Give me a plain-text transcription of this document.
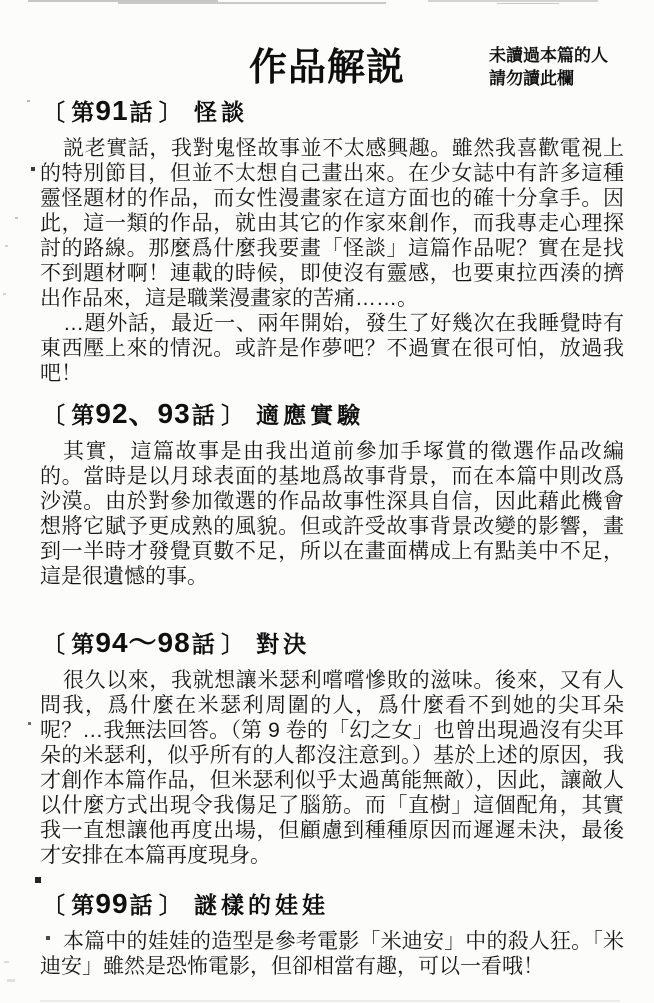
作品解説	未讀過本篇的人
請勿讀此欄
〔 第91話 〕 怪談

説老實話，我對鬼怪故事並不太感興趣。雖然我喜歡電視上的特別節目，但並不太想自己畫出來。在少女誌中有許多這種靈怪題材的作品，而女性漫畫家在這方面也的確十分拿手。因此，這一類的作品，就由其它的作家來創作，而我專走心理探討的路線。那麼爲什麼我要畫「怪談」這篇作品呢？實在是找不到題材啊！連載的時候，即使沒有靈感，也要東拉西湊的擠出作品來，這是職業漫畫家的苦痛……。

…題外話，最近一、兩年開始，發生了好幾次在我睡覺時有東西壓上來的情況。或許是作夢吧？不過實在很可怕，放過我吧！

〔 第92、93話 〕 適應實驗

其實，這篇故事是由我出道前參加手塚賞的徵選作品改編的。當時是以月球表面的基地爲故事背景，而在本篇中則改爲沙漠。由於對參加徵選的作品故事性深具自信，因此藉此機會想將它賦予更成熟的風貌。但或許受故事背景改變的影響，畫到一半時才發覺頁數不足，所以在畫面構成上有點美中不足，這是很遺憾的事。

〔 第94～98話 〕 對決

很久以來，我就想讓米瑟利嚐嚐慘敗的滋味。後來，又有人問我，爲什麼在米瑟利周圍的人，爲什麼看不到她的尖耳朵呢？…我無法回答。（第 9 卷的「幻之女」也曾出現過沒有尖耳朵的米瑟利，似乎所有的人都沒注意到。）基於上述的原因，我才創作本篇作品，但米瑟利似乎太過萬能無敵），因此，讓敵人以什麼方式出現令我傷足了腦筋。而「直樹」這個配角，其實我一直想讓他再度出場，但顧慮到種種原因而遲遲未決，最後才安排在本篇再度現身。

〔 第99話 〕 謎樣的娃娃

本篇中的娃娃的造型是參考電影「米迪安」中的殺人狂。「米迪安」雖然是恐怖電影，但卻相當有趣，可以一看哦！
